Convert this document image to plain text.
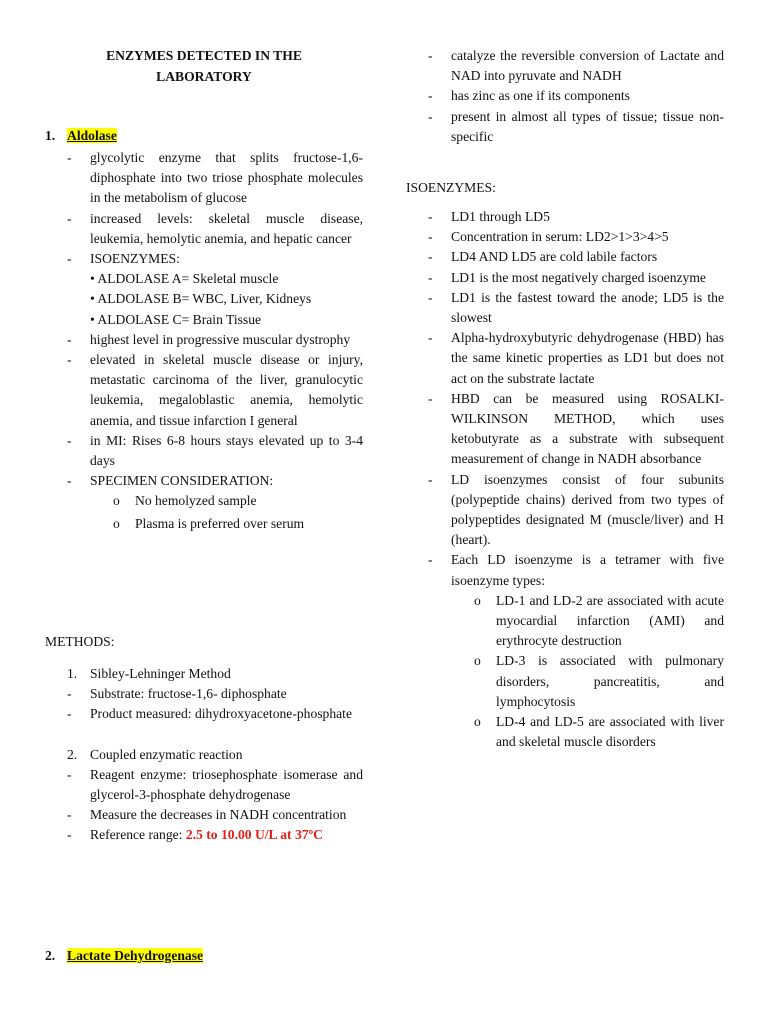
ENZYMES DETECTED IN THE
LABORATORY
1. Aldolase
- glycolytic enzyme that splits fructose-1,6-diphosphate into two triose phosphate molecules in the metabolism of glucose
- increased levels: skeletal muscle disease, leukemia, hemolytic anemia, and hepatic cancer
- ISOENZYMES:
• ALDOLASE A= Skeletal muscle
• ALDOLASE B= WBC, Liver, Kidneys
• ALDOLASE C= Brain Tissue
- highest level in progressive muscular dystrophy
- elevated in skeletal muscle disease or injury, metastatic carcinoma of the liver, granulocytic leukemia, megaloblastic anemia, hemolytic anemia, and tissue infarction I general
- in MI: Rises 6-8 hours stays elevated up to 3-4 days
- SPECIMEN CONSIDERATION:
o No hemolyzed sample
o Plasma is preferred over serum
METHODS:
1. Sibley-Lehninger Method
- Substrate: fructose-1,6- diphosphate
- Product measured: dihydroxyacetone-phosphate
2. Coupled enzymatic reaction
- Reagent enzyme: triosephosphate isomerase and glycerol-3-phosphate dehydrogenase
- Measure the decreases in NADH concentration
- Reference range: 2.5 to 10.00 U/L at 37ºC
2. Lactate Dehydrogenase
- catalyze the reversible conversion of Lactate and NAD into pyruvate and NADH
- has zinc as one if its components
- present in almost all types of tissue; tissue non-specific
ISOENZYMES:
- LD1 through LD5
- Concentration in serum: LD2>1>3>4>5
- LD4 AND LD5 are cold labile factors
- LD1 is the most negatively charged isoenzyme
- LD1 is the fastest toward the anode; LD5 is the slowest
- Alpha-hydroxybutyric dehydrogenase (HBD) has the same kinetic properties as LD1 but does not act on the substrate lactate
- HBD can be measured using ROSALKI-WILKINSON METHOD, which uses ketobutyrate as a substrate with subsequent measurement of change in NADH absorbance
- LD isoenzymes consist of four subunits (polypeptide chains) derived from two types of polypeptides designated M (muscle/liver) and H (heart).
- Each LD isoenzyme is a tetramer with five isoenzyme types:
o LD-1 and LD-2 are associated with acute myocardial infarction (AMI) and erythrocyte destruction
o LD-3 is associated with pulmonary disorders, pancreatitis, and lymphocytosis
o LD-4 and LD-5 are associated with liver and skeletal muscle disorders
